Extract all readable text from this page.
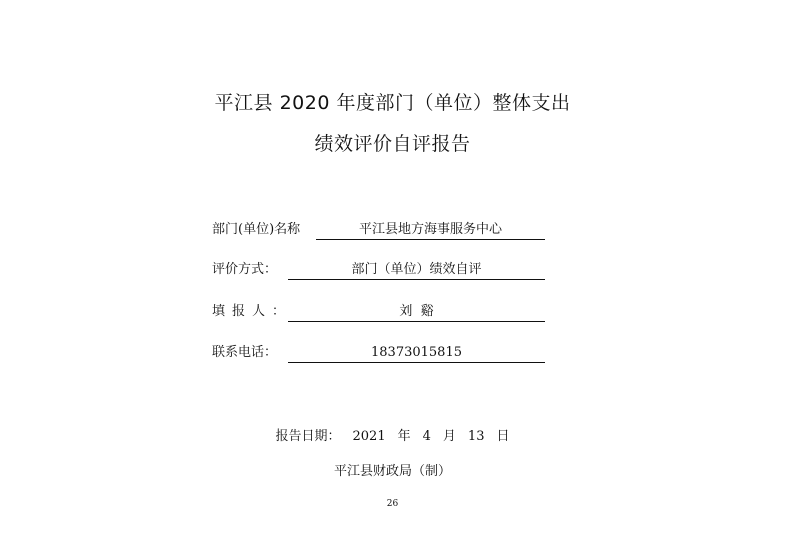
平江县 2020 年度部门（单位）整体支出
绩效评价自评报告
部门(单位)名称	平江县地方海事服务中心
评价方式：	部门（单位）绩效自评
填报人：	刘  谿
联系电话：	18373015815
报告日期： 2021 年 4 月 13 日
平江县财政局（制）
26
